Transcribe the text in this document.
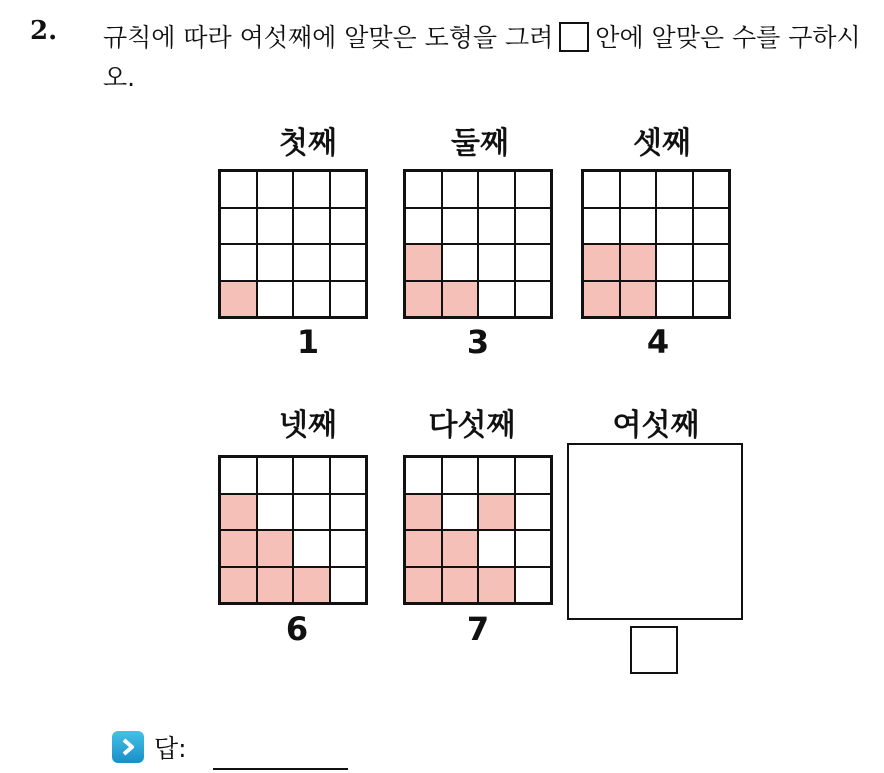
2. 규칙에 따라 여섯째에 알맞은 도형을 그려 안에 알맞은 수를 구하시오.
첫째
1
둘째
3
셋째
4
넷째
6
다섯째
7
여섯째
답:
